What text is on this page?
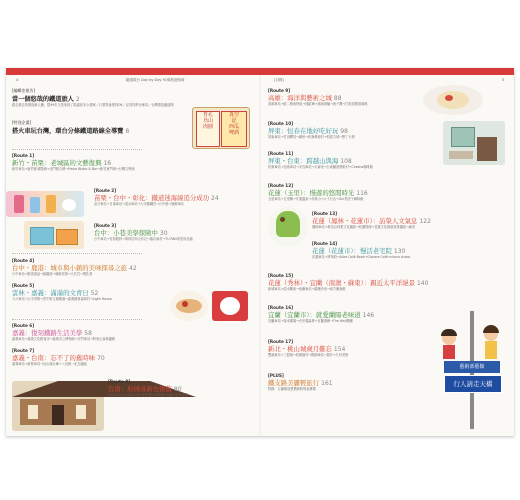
4	鐵道環台 Day by Day 91條旅遊路線	[目錄]	5
[編輯室報告]
當一個悠哉的鐵道旅人 2
跟走最去的環島線人種，從99年又是來到了隨處回本小週來／只要等會感到OK／記得同學步係馬／台灣環島鐵道路
[特別企畫]
搭火車玩台灣，環台分條鐵道路線全導覽 8
育孔
烏山
肉圓
真空
記
西瓜
啤酒
[Route 1]
新竹・苗栗：老城區的文藝復興 16
新竹車站→新竹都城隍廟→北門街古蹟→Plaice Bistro & Bar→新竹東門城→台灣文學館
[Route 2]
苗栗・台中・彰化：鐵道迷海線追分成功 24
追分車站→日南車站→清水車站→大甲鎮瀾宮→台中港→鹿港車站
[Route 3]
台中：小巷美學探險中 30
台中車站→宮原眼科→第四信用合作社→審計新村→TU PAN家居用品館
[Route 4]
台中・鹿港：城市與小鎮的美味探尋之旅 42
台中車站→勤美誠品→綠園道→鹿港老街→天后宮→摸乳巷
[Route 5]
雲林・嘉義：滿滿的文青日 52
斗六車站→太平老街→雲中街文創聚落→嘉義檜意森林村→Light House
[Route 6]
嘉義：復刻鐵路生活美學 58
嘉義車站→嘉義文化路夜市→嘉義市立博物館→北門車站→阿里山森林鐵路
[Route 7]
嘉義・台南：忘不了的舊時味 70
嘉義車站→新營車站→烏山頭水庫→八田與一紀念園區
[Route 8]
台南：府城尋新也懷舊 80
台南車站→台南林百貨→赤崁樓→神農街→孔廟→安平老街
[Route 9]
高雄：海洋與藝術之城 88
高雄車站→駁二藝術特區→棧貳庫→旗津渡輪→西子灣→打狗英國領事館
[Route 10]
屏東：恒春在地好吃好玩 98
屏東車站→竹田驛站→潮州→枋寮藝術村→恒春古城→墾丁大街
[Route 11]
屏東・台東：跨越山與海 108
枋寮車站→加祿車站→多良車站→太麻里→台東鐵道藝術村→Chesha咖啡館
[Route 12]
花蓮（玉里）：慢遊的悠閒時光 116
玉里車站→玉里麵→安通溫泉→赤科山→六十石山→Oui老房子咖啡館
[Route 13]
花蓮（鳳林・花蓮市）：訪榮人文氣息 122
鳳林車站→林田山林業文化園區→松園別館→花蓮文化創意產業園區→扁食
[Route 14]
花蓮（花蓮市）：慢活老宅院 130
花蓮車站→將軍府→Alice Café Book→Giocare Café→choco choco
[Route 15]
花蓮（秀林）・宜蘭（南澳・蘇東）：親近太平洋絕景 140
新城車站→清水斷崖→南澳車站→蘇澳冷泉→南方澳漁港
[Route 16]
宜蘭（宜蘭市）：就愛蘭陽老味道 146
宜蘭車站→幾米廣場→丟丟噹森林→宜蘭酒廠→The Wall樂團
[Route 17]
新北・桃山城歲月難忘 154
雙溪車站→三貂嶺→侯硐貓村→猴硐車站→瑞芳→九份老街
[PLUS]
鐵支路美麗輕旅行 161
附錄：台鐵環島票價與時刻表導覽
藝術部藝館
行人請走天橋
